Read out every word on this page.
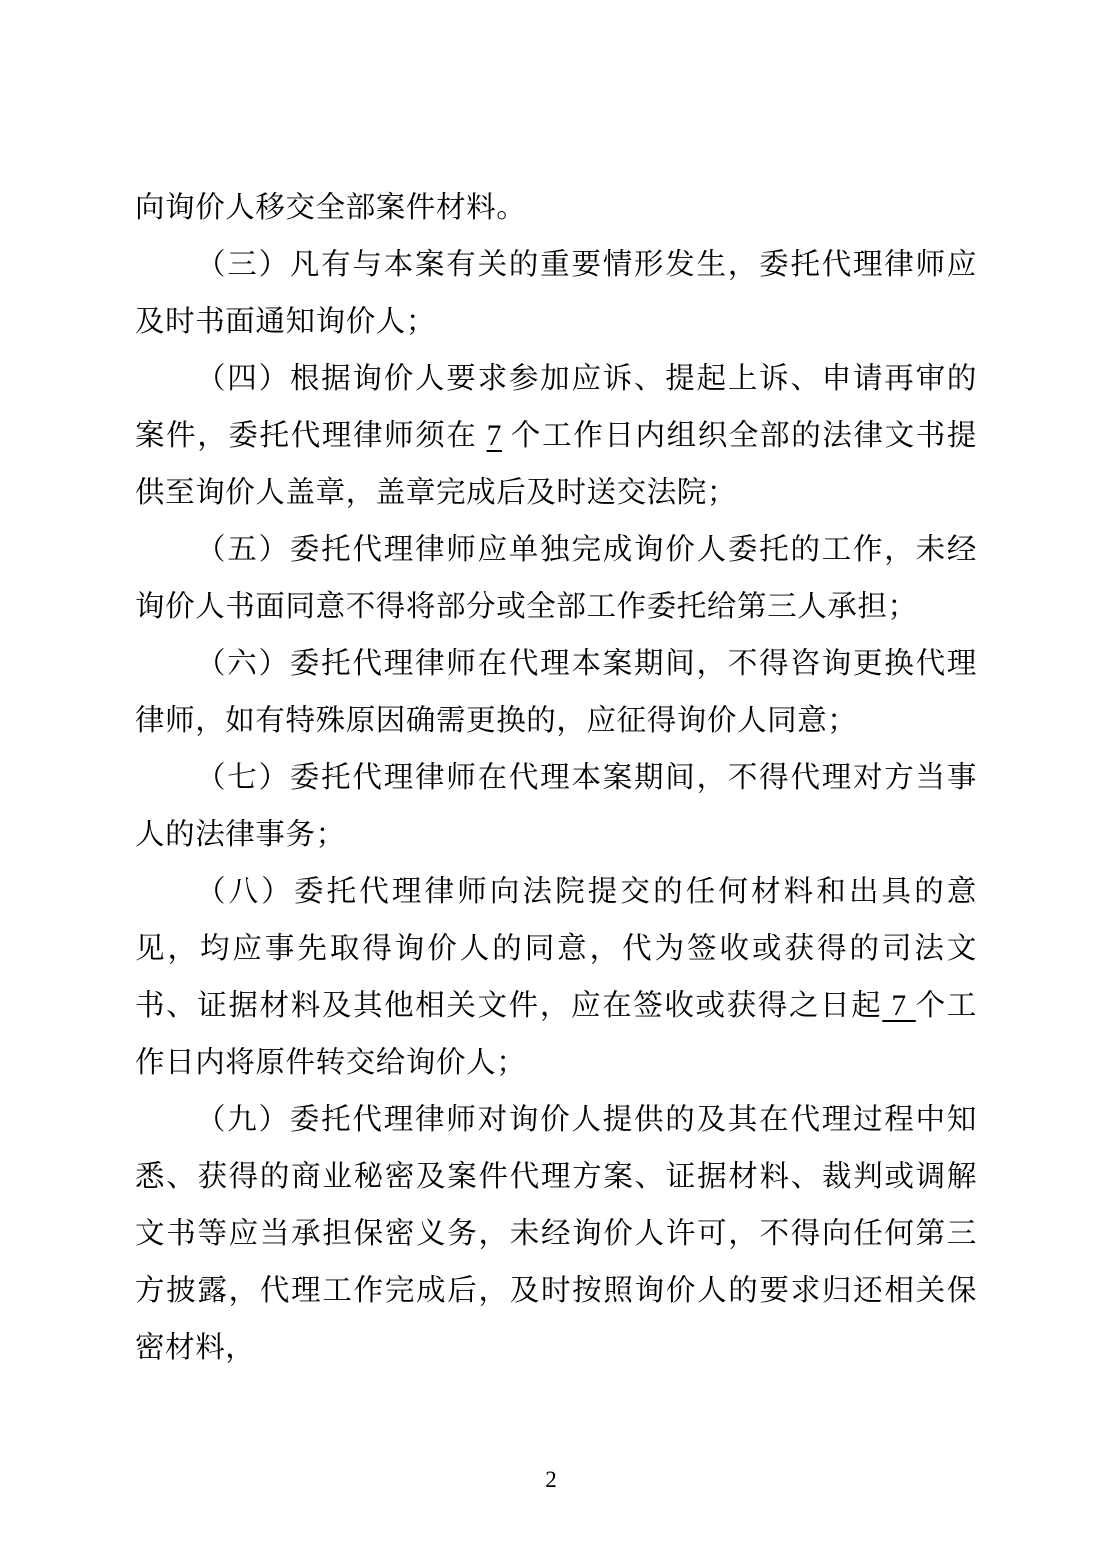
向询价人移交全部案件材料。

（三）凡有与本案有关的重要情形发生，委托代理律师应及时书面通知询价人；

（四）根据询价人要求参加应诉、提起上诉、申请再审的案件，委托代理律师须在 7 个工作日内组织全部的法律文书提供至询价人盖章，盖章完成后及时送交法院；

（五）委托代理律师应单独完成询价人委托的工作，未经询价人书面同意不得将部分或全部工作委托给第三人承担；

（六）委托代理律师在代理本案期间，不得咨询更换代理律师，如有特殊原因确需更换的，应征得询价人同意；

（七）委托代理律师在代理本案期间，不得代理对方当事人的法律事务；

（八）委托代理律师向法院提交的任何材料和出具的意见，均应事先取得询价人的同意，代为签收或获得的司法文书、证据材料及其他相关文件，应在签收或获得之日起 7 个工作日内将原件转交给询价人；

（九）委托代理律师对询价人提供的及其在代理过程中知悉、获得的商业秘密及案件代理方案、证据材料、裁判或调解文书等应当承担保密义务，未经询价人许可，不得向任何第三方披露，代理工作完成后，及时按照询价人的要求归还相关保密材料，

2
